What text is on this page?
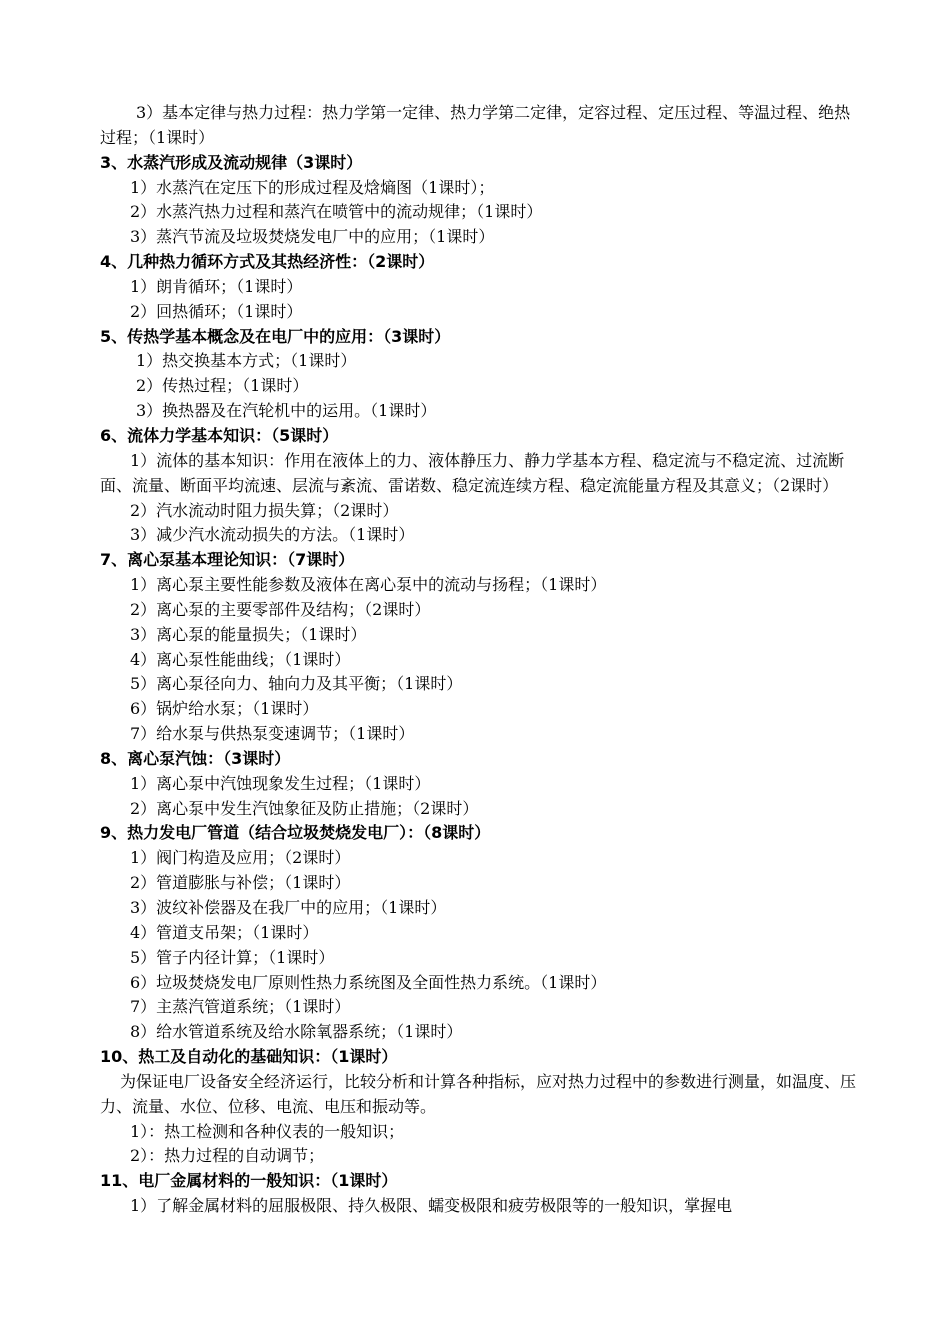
3）基本定律与热力过程：热力学第一定律、热力学第二定律，定容过程、定压过程、等温过程、绝热过程；（1课时）
3、水蒸汽形成及流动规律（3课时）
1）水蒸汽在定压下的形成过程及焓熵图（1课时）；
2）水蒸汽热力过程和蒸汽在喷管中的流动规律；（1课时）
3）蒸汽节流及垃圾焚烧发电厂中的应用；（1课时）
4、几种热力循环方式及其热经济性：（2课时）
1）朗肯循环；（1课时）
2）回热循环；（1课时）
5、传热学基本概念及在电厂中的应用：（3课时）
1）热交换基本方式；（1课时）
2）传热过程；（1课时）
3）换热器及在汽轮机中的运用。（1课时）
6、流体力学基本知识：（5课时）
1）流体的基本知识：作用在液体上的力、液体静压力、静力学基本方程、稳定流与不稳定流、过流断面、流量、断面平均流速、层流与紊流、雷诺数、稳定流连续方程、稳定流能量方程及其意义；（2课时）
2）汽水流动时阻力损失算；（2课时）
3）减少汽水流动损失的方法。（1课时）
7、离心泵基本理论知识：（7课时）
1）离心泵主要性能参数及液体在离心泵中的流动与扬程；（1课时）
2）离心泵的主要零部件及结构；（2课时）
3）离心泵的能量损失；（1课时）
4）离心泵性能曲线；（1课时）
5）离心泵径向力、轴向力及其平衡；（1课时）
6）锅炉给水泵；（1课时）
7）给水泵与供热泵变速调节；（1课时）
8、离心泵汽蚀：（3课时）
1）离心泵中汽蚀现象发生过程；（1课时）
2）离心泵中发生汽蚀象征及防止措施；（2课时）
9、热力发电厂管道（结合垃圾焚烧发电厂）：（8课时）
1）阀门构造及应用；（2课时）
2）管道膨胀与补偿；（1课时）
3）波纹补偿器及在我厂中的应用；（1课时）
4）管道支吊架；（1课时）
5）管子内径计算；（1课时）
6）垃圾焚烧发电厂原则性热力系统图及全面性热力系统。（1课时）
7）主蒸汽管道系统；（1课时）
8）给水管道系统及给水除氧器系统；（1课时）
10、热工及自动化的基础知识：（1课时）
为保证电厂设备安全经济运行，比较分析和计算各种指标，应对热力过程中的参数进行测量，如温度、压力、流量、水位、位移、电流、电压和振动等。
1）：热工检测和各种仪表的一般知识；
2）：热力过程的自动调节；
11、电厂金属材料的一般知识：（1课时）
1）了解金属材料的屈服极限、持久极限、蠕变极限和疲劳极限等的一般知识，掌握电
